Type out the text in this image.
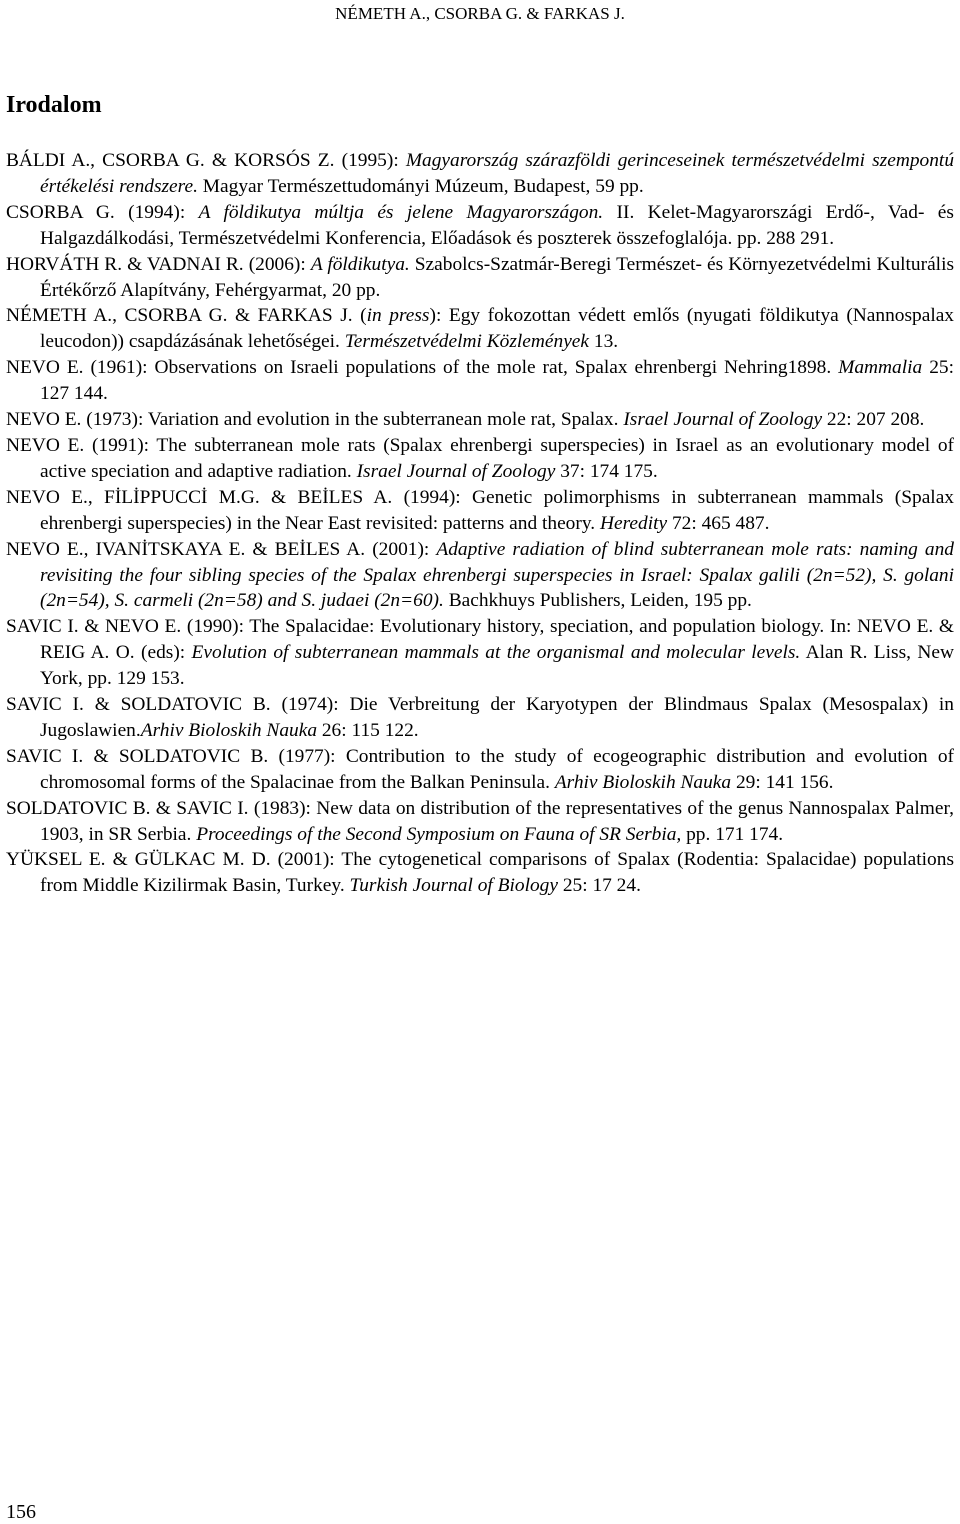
NÉMETH A., CSORBA G. & FARKAS J.
Irodalom

BÁLDI A., CSORBA G. & KORSÓS Z. (1995): Magyarország szárazföldi gerinceseinek természetvédelmi szempontú értékelési rendszere. Magyar Természettudományi Múzeum, Budapest, 59 pp.

CSORBA G. (1994): A földikutya múltja és jelene Magyarországon. II. Kelet-Magyarországi Erdő-, Vad- és Halgazdálkodási, Természetvédelmi Konferencia, Előadások és poszterek összefoglalója. pp. 288 291.

HORVÁTH R. & VADNAI R. (2006): A földikutya. Szabolcs-Szatmár-Beregi Természet- és Környezetvédelmi Kulturális Értékőrző Alapítvány, Fehérgyarmat, 20 pp.

NÉMETH A., CSORBA G. & FARKAS J. (in press): Egy fokozottan védett emlős (nyugati földikutya (Nannospalax leucodon)) csapdázásának lehetőségei. Természetvédelmi Közlemények 13.

NEVO E. (1961): Observations on Israeli populations of the mole rat, Spalax ehrenbergi Nehring1898. Mammalia 25: 127 144.

NEVO E. (1973): Variation and evolution in the subterranean mole rat, Spalax. Israel Journal of Zoology 22: 207 208.

NEVO E. (1991): The subterranean mole rats (Spalax ehrenbergi superspecies) in Israel as an evolutionary model of active speciation and adaptive radiation. Israel Journal of Zoology 37: 174 175.

NEVO E., FİLİPPUCCİ M.G. & BEİLES A. (1994): Genetic polimorphisms in subterranean mammals (Spalax ehrenbergi superspecies) in the Near East revisited: patterns and theory. Heredity 72: 465 487.

NEVO E., IVANİTSKAYA E. & BEİLES A. (2001): Adaptive radiation of blind subterranean mole rats: naming and revisiting the four sibling species of the Spalax ehrenbergi superspecies in Israel: Spalax galili (2n=52), S. golani (2n=54), S. carmeli (2n=58) and S. judaei (2n=60). Bachkhuys Publishers, Leiden, 195 pp.

SAVIC I. & NEVO E. (1990): The Spalacidae: Evolutionary history, speciation, and population biology. In: NEVO E. & REIG A. O. (eds): Evolution of subterranean mammals at the organismal and molecular levels. Alan R. Liss, New York, pp. 129 153.

SAVIC I. & SOLDATOVIC B. (1974): Die Verbreitung der Karyotypen der Blindmaus Spalax (Mesospalax) in Jugoslawien.Arhiv Bioloskih Nauka 26: 115 122.

SAVIC I. & SOLDATOVIC B. (1977): Contribution to the study of ecogeographic distribution and evolution of chromosomal forms of the Spalacinae from the Balkan Peninsula. Arhiv Bioloskih Nauka 29: 141 156.

SOLDATOVIC B. & SAVIC I. (1983): New data on distribution of the representatives of the genus Nannospalax Palmer, 1903, in SR Serbia. Proceedings of the Second Symposium on Fauna of SR Serbia, pp. 171 174.

YÜKSEL E. & GÜLKAC M. D. (2001): The cytogenetical comparisons of Spalax (Rodentia: Spalacidae) populations from Middle Kizilirmak Basin, Turkey. Turkish Journal of Biology 25: 17 24.

156
